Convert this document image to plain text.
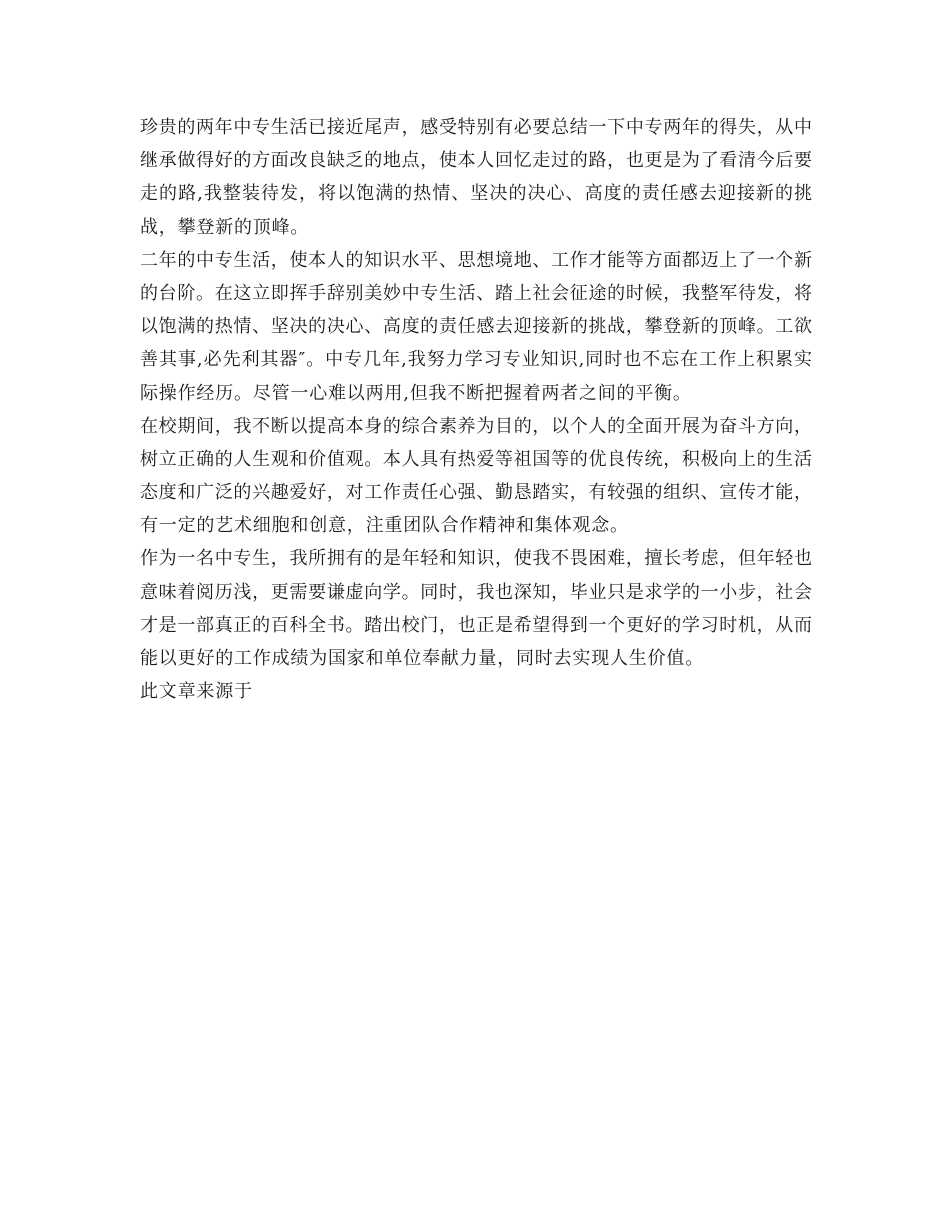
珍贵的两年中专生活已接近尾声，感受特别有必要总结一下中专两年的得失，从中
继承做得好的方面改良缺乏的地点，使本人回忆走过的路，也更是为了看清今后要
走的路,我整装待发，将以饱满的热情、坚决的决心、高度的责任感去迎接新的挑
战，攀登新的顶峰。
二年的中专生活，使本人的知识水平、思想境地、工作才能等方面都迈上了一个新
的台阶。在这立即挥手辞别美妙中专生活、踏上社会征途的时候，我整军待发，将
以饱满的热情、坚决的决心、高度的责任感去迎接新的挑战，攀登新的顶峰。工欲
善其事,必先利其器″。中专几年,我努力学习专业知识,同时也不忘在工作上积累实
际操作经历。尽管一心难以两用,但我不断把握着两者之间的平衡。
在校期间，我不断以提高本身的综合素养为目的，以个人的全面开展为奋斗方向，
树立正确的人生观和价值观。本人具有热爱等祖国等的优良传统，积极向上的生活
态度和广泛的兴趣爱好，对工作责任心强、勤恳踏实，有较强的组织、宣传才能，
有一定的艺术细胞和创意，注重团队合作精神和集体观念。
作为一名中专生，我所拥有的是年轻和知识，使我不畏困难，擅长考虑，但年轻也
意味着阅历浅，更需要谦虚向学。同时，我也深知，毕业只是求学的一小步，社会
才是一部真正的百科全书。踏出校门，也正是希望得到一个更好的学习时机，从而
能以更好的工作成绩为国家和单位奉献力量，同时去实现人生价值。
此文章来源于
